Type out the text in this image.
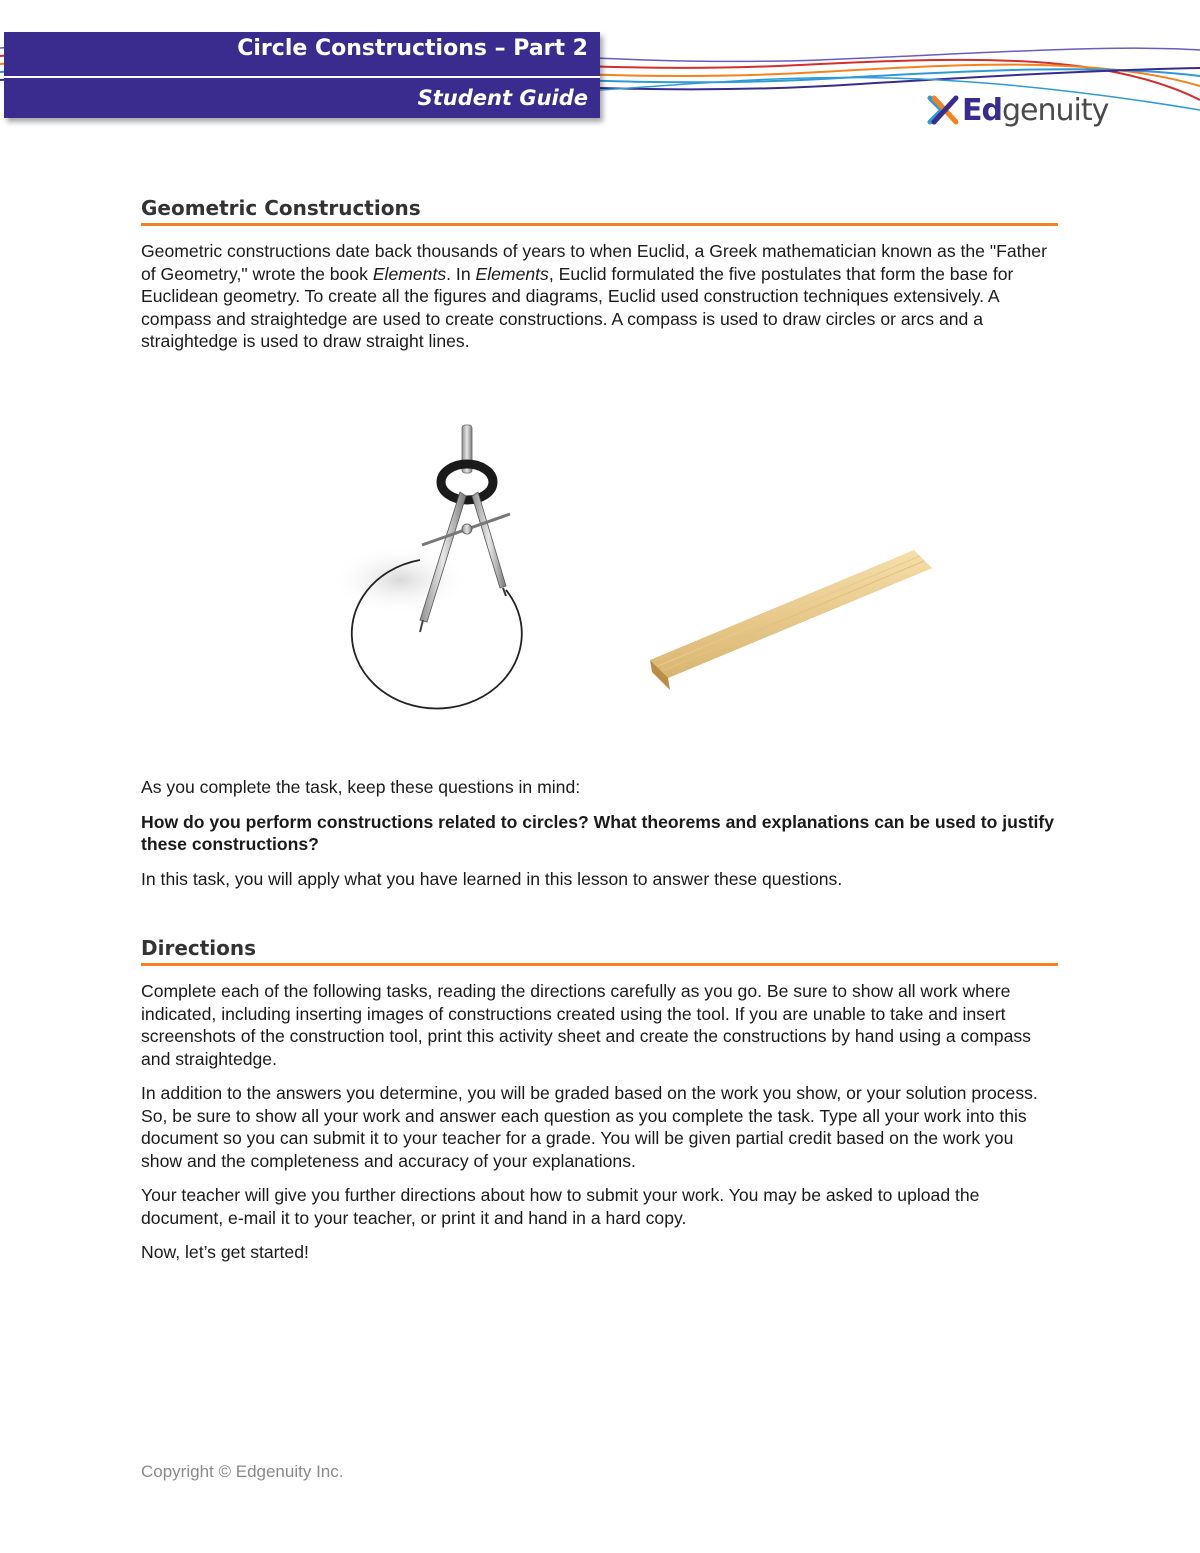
Circle Constructions – Part 2
Student Guide	Edgenuity
Geometric Constructions

Geometric constructions date back thousands of years to when Euclid, a Greek mathematician known as the "Father of Geometry," wrote the book Elements. In Elements, Euclid formulated the five postulates that form the base for Euclidean geometry. To create all the figures and diagrams, Euclid used construction techniques extensively. A compass and straightedge are used to create constructions. A compass is used to draw circles or arcs and a straightedge is used to draw straight lines.

As you complete the task, keep these questions in mind:

How do you perform constructions related to circles? What theorems and explanations can be used to justify these constructions?

In this task, you will apply what you have learned in this lesson to answer these questions.

Directions

Complete each of the following tasks, reading the directions carefully as you go. Be sure to show all work where indicated, including inserting images of constructions created using the tool. If you are unable to take and insert screenshots of the construction tool, print this activity sheet and create the constructions by hand using a compass and straightedge.

In addition to the answers you determine, you will be graded based on the work you show, or your solution process. So, be sure to show all your work and answer each question as you complete the task. Type all your work into this document so you can submit it to your teacher for a grade. You will be given partial credit based on the work you show and the completeness and accuracy of your explanations.

Your teacher will give you further directions about how to submit your work. You may be asked to upload the document, e-mail it to your teacher, or print it and hand in a hard copy.

Now, let’s get started!

Copyright © Edgenuity Inc.
